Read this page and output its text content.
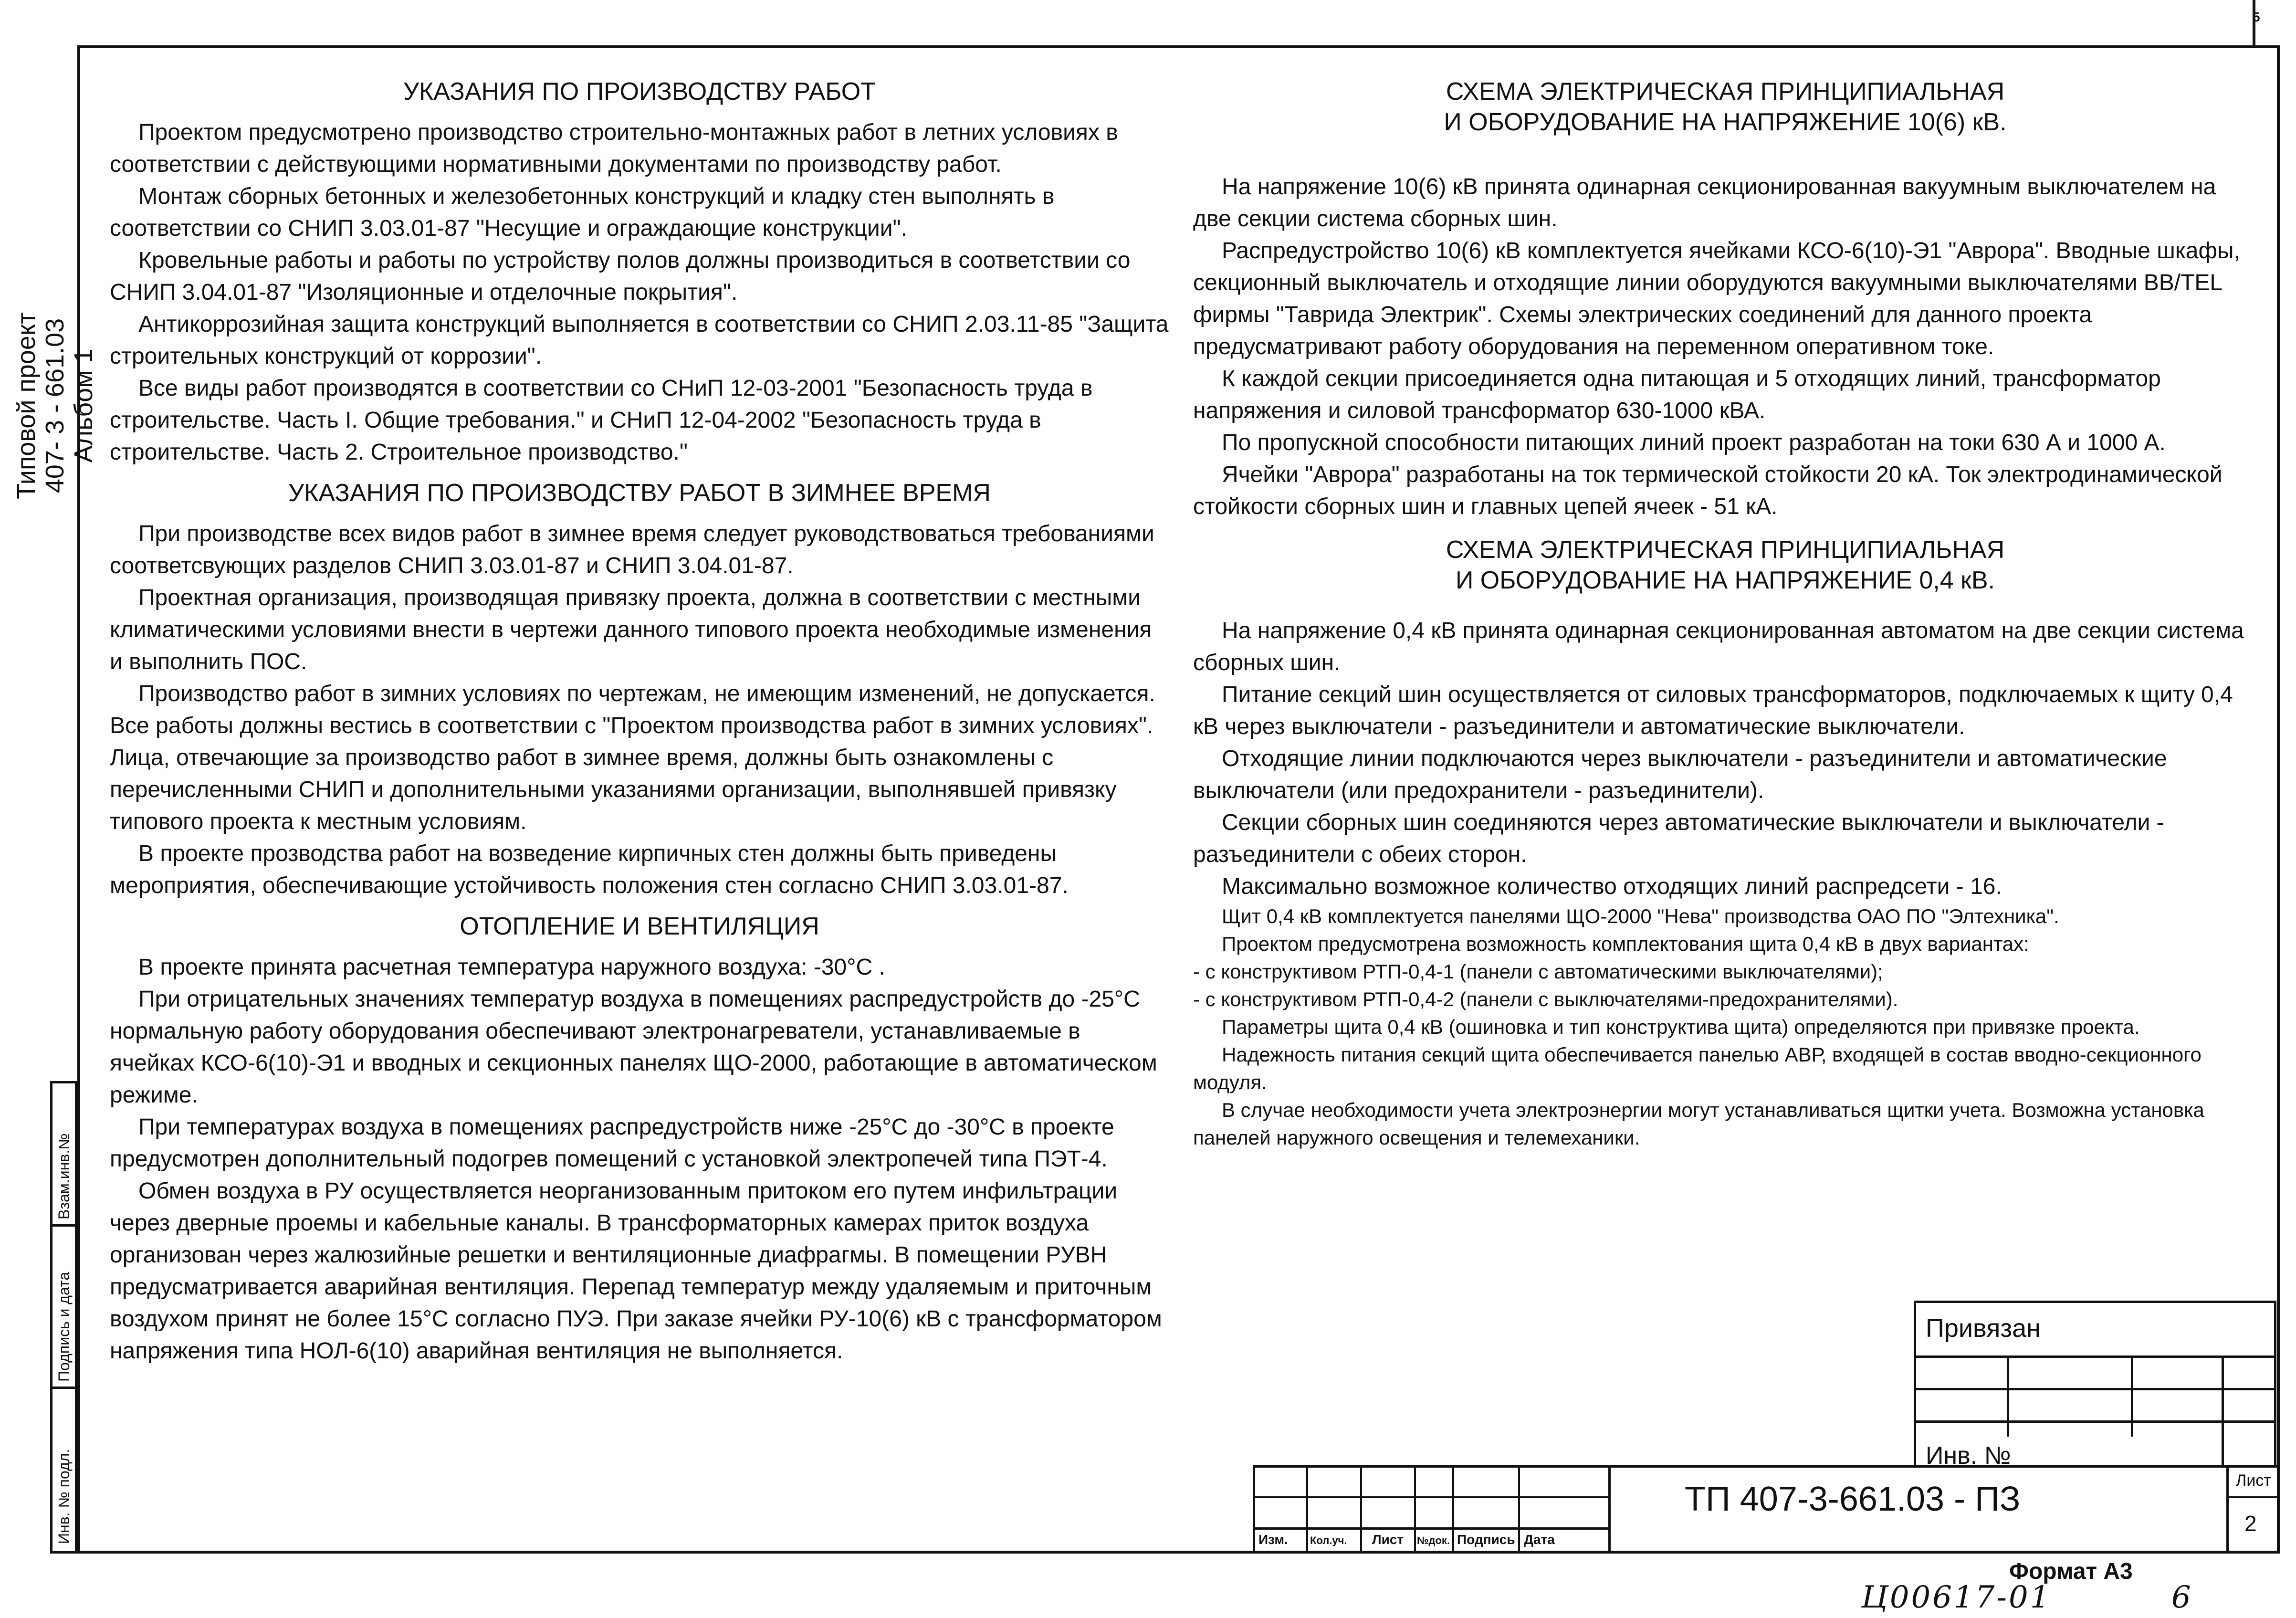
5
Типовой проект 407- 3 - 661.03 Альбом 1
Взам.инв.№
Подпись и дата
Инв. № подл.

УКАЗАНИЯ ПО ПРОИЗВОДСТВУ РАБОТ

Проектом предусмотрено производство строительно-монтажных работ в летних условиях в соответствии с действующими нормативными документами по производству работ.

Монтаж сборных бетонных и железобетонных конструкций и кладку стен выполнять в соответствии со СНИП 3.03.01-87 "Несущие и ограждающие конструкции".

Кровельные работы и работы по устройству полов должны производиться в соответствии со СНИП 3.04.01-87 "Изоляционные и отделочные покрытия".

Антикоррозийная защита конструкций выполняется в соответствии со СНИП 2.03.11-85 "Защита строительных конструкций от коррозии".

Все виды работ производятся в соответствии со СНиП 12-03-2001 "Безопасность труда в строительстве. Часть I. Общие требования." и СНиП 12-04-2002 "Безопасность труда в строительстве. Часть 2. Строительное производство."

УКАЗАНИЯ ПО ПРОИЗВОДСТВУ РАБОТ В ЗИМНЕЕ ВРЕМЯ

При производстве всех видов работ в зимнее время следует руководствоваться требованиями соответсвующих разделов СНИП 3.03.01-87 и СНИП 3.04.01-87.

Проектная организация, производящая привязку проекта, должна в соответствии с местными климатическими условиями внести в чертежи данного типового проекта необходимые изменения и выполнить ПОС.

Производство работ в зимних условиях по чертежам, не имеющим изменений, не допускается. Все работы должны вестись в соответствии с "Проектом производства работ в зимних условиях". Лица, отвечающие за производство работ в зимнее время, должны быть ознакомлены с перечисленными СНИП и дополнительными указаниями организации, выполнявшей привязку типового проекта к местным условиям.

В проекте прозводства работ на возведение кирпичных стен должны быть приведены мероприятия, обеспечивающие устойчивость положения стен согласно СНИП 3.03.01-87.

ОТОПЛЕНИЕ И ВЕНТИЛЯЦИЯ

В проекте принята расчетная температура наружного воздуха: -30°С .

При отрицательных значениях температур воздуха в помещениях распредустройств до -25°С нормальную работу оборудования обеспечивают электронагреватели, устанавливаемые в ячейках КСО-6(10)-Э1 и вводных и секционных панелях ЩО-2000, работающие в автоматическом режиме.

При температурах воздуха в помещениях распредустройств ниже -25°С до -30°С в проекте предусмотрен дополнительный подогрев помещений с установкой электропечей типа ПЭТ-4.

Обмен воздуха в РУ осуществляется неорганизованным притоком его путем инфильтрации через дверные проемы и кабельные каналы. В трансформаторных камерах приток воздуха организован через жалюзийные решетки и вентиляционные диафрагмы. В помещении РУВН предусматривается аварийная вентиляция. Перепад температур между удаляемым и приточным воздухом принят не более 15°С согласно ПУЭ. При заказе ячейки РУ-10(6) кВ с трансформатором напряжения типа НОЛ-6(10) аварийная вентиляция не выполняется.

СХЕМА ЭЛЕКТРИЧЕСКАЯ ПРИНЦИПИАЛЬНАЯ

И ОБОРУДОВАНИЕ НА НАПРЯЖЕНИЕ 10(6) кВ.

На напряжение 10(6) кВ принята одинарная секционированная вакуумным выключателем на две секции система сборных шин.

Распредустройство 10(6) кВ комплектуется ячейками КСО-6(10)-Э1 "Аврора". Вводные шкафы, секционный выключатель и отходящие линии оборудуются вакуумными выключателями BB/TEL фирмы "Таврида Электрик". Схемы электрических соединений для данного проекта предусматривают работу оборудования на переменном оперативном токе.

К каждой секции присоединяется одна питающая и 5 отходящих линий, трансформатор напряжения и силовой трансформатор 630-1000 кВА.

По пропускной способности питающих линий проект разработан на токи 630 А и 1000 А.

Ячейки "Аврора" разработаны на ток термической стойкости 20 кА. Ток электродинамической стойкости сборных шин и главных цепей ячеек - 51 кА.

СХЕМА ЭЛЕКТРИЧЕСКАЯ ПРИНЦИПИАЛЬНАЯ

И ОБОРУДОВАНИЕ НА НАПРЯЖЕНИЕ 0,4 кВ.

На напряжение 0,4 кВ принята одинарная секционированная автоматом на две секции система сборных шин.

Питание секций шин осуществляется от силовых трансформаторов, подключаемых к щиту 0,4 кВ через выключатели - разъединители и автоматические выключатели.

Отходящие линии подключаются через выключатели - разъединители и автоматические выключатели (или предохранители - разъединители).

Секции сборных шин соединяются через автоматические выключатели и выключатели - разъединители с обеих сторон.

Максимально возможное количество отходящих линий распредсети - 16.

Щит 0,4 кВ комплектуется панелями ЩО-2000 "Нева" производства ОАО ПО "Элтехника".

Проектом предусмотрена возможность комплектования щита 0,4 кВ в двух вариантах:

- с конструктивом РТП-0,4-1 (панели с автоматическими выключателями);

- с конструктивом РТП-0,4-2 (панели с выключателями-предохранителями).

Параметры щита 0,4 кВ (ошиновка и тип конструктива щита) определяются при привязке проекта.

Надежность питания секций щита обеспечивается панелью АВР, входящей в состав вводно-секционного модуля.

В случае необходимости учета электроэнергии могут устанавливаться щитки учета. Возможна установка панелей наружного освещения и телемеханики.

Привязан
Инв. №
Изм. Кол.уч. Лист №док. Подпись Дата
Лист
2
ТП 407-3-661.03 - ПЗ
Формат А3
Ц00617-01	6
